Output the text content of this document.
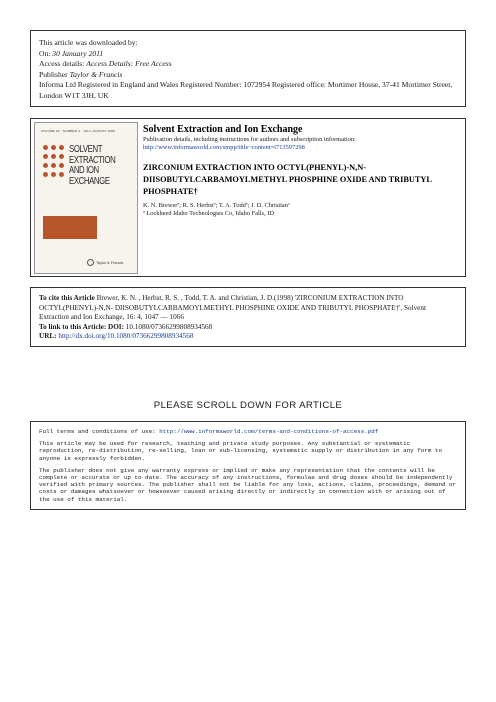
This article was downloaded by:

On: 30 January 2011

Access details: Access Details: Free Access

Publisher Taylor & Francis

Informa Ltd Registered in England and Wales Registered Number: 1072954 Registered office: Mortimer House, 37-41 Mortimer Street, London W1T 3JH, UK

VOLUME 23 · NUMBER 4 · JULY–AUGUST 2005
SOLVENT
EXTRACTION
AND ION
EXCHANGE
Taylor & Francis

Solvent Extraction and Ion Exchange

Publication details, including instructions for authors and subscription information:

http://www.informaworld.com/smpp/title~content=t713597298

ZIRCONIUM EXTRACTION INTO OCTYL(PHENYL)-N,N-DIISOBUTYLCARBAMOYLMETHYL PHOSPHINE OXIDE AND TRIBUTYL PHOSPHATE†

K. N. Brewerª; R. S. Herbstª; T. A. Toddª; J. D. Christianª

ª Lockheed Idaho Technologies Co, Idaho Falls, ID

To cite this Article Brewer, K. N. , Herbst, R. S. , Todd, T. A. and Christian, J. D.(1998) 'ZIRCONIUM EXTRACTION INTO OCTYL(PHENYL)-N,N- DIISOBUTYLCARBAMOYLMETHYL PHOSPHINE OXIDE AND TRIBUTYL PHOSPHATE†', Solvent Extraction and Ion Exchange, 16: 4, 1047 — 1066

To link to this Article: DOI: 10.1080/07366299808934568

URL: http://dx.doi.org/10.1080/07366299808934568

PLEASE SCROLL DOWN FOR ARTICLE

Full terms and conditions of use: http://www.informaworld.com/terms-and-conditions-of-access.pdf

This article may be used for research, teaching and private study purposes. Any substantial or systematic reproduction, re-distribution, re-selling, loan or sub-licensing, systematic supply or distribution in any form to anyone is expressly forbidden.

The publisher does not give any warranty express or implied or make any representation that the contents will be complete or accurate or up to date. The accuracy of any instructions, formulae and drug doses should be independently verified with primary sources. The publisher shall not be liable for any loss, actions, claims, proceedings, demand or costs or damages whatsoever or howsoever caused arising directly or indirectly in connection with or arising out of the use of this material.
